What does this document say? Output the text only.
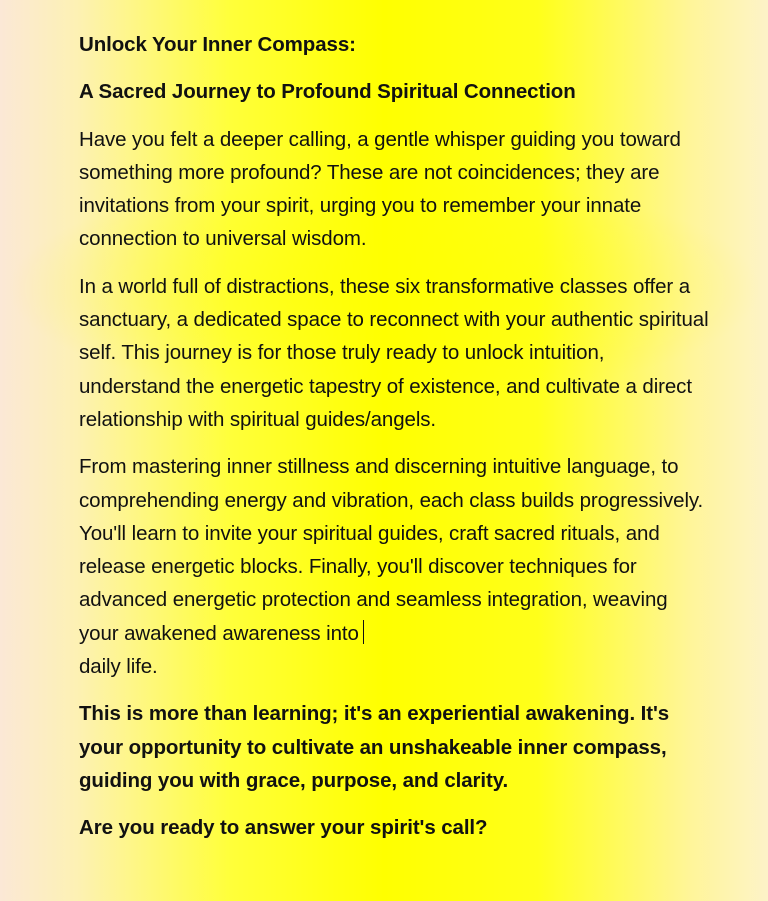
Unlock Your Inner Compass:

A Sacred Journey to Profound Spiritual Connection

Have you felt a deeper calling, a gentle whisper guiding you toward something more profound? These are not coincidences; they are invitations from your spirit, urging you to remember your innate connection to universal wisdom.

In a world full of distractions, these six transformative classes offer a sanctuary, a dedicated space to reconnect with your authentic spiritual self. This journey is for those truly ready to unlock intuition, understand the energetic tapestry of existence, and cultivate a direct relationship with spiritual guides/angels.

From mastering inner stillness and discerning intuitive language, to comprehending energy and vibration, each class builds progressively. You'll learn to invite your spiritual guides, craft sacred rituals, and release energetic blocks. Finally, you'll discover techniques for advanced energetic protection and seamless integration, weaving your awakened awareness into
daily life.

This is more than learning; it's an experiential awakening. It's your opportunity to cultivate an unshakeable inner compass, guiding you with grace, purpose, and clarity.

Are you ready to answer your spirit's call?
